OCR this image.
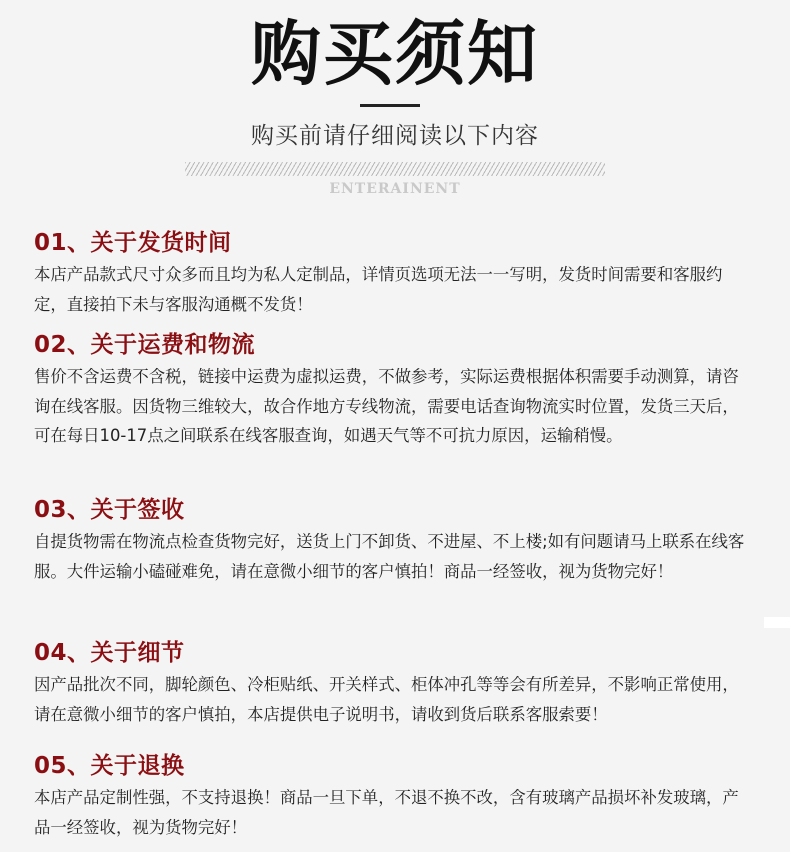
购买须知
购买前请仔细阅读以下内容
ENTERAINENT
01、关于发货时间

本店产品款式尺寸众多而且均为私人定制品，详情页选项无法一一写明，发货时间需要和客服约定，直接拍下未与客服沟通概不发货！

02、关于运费和物流

售价不含运费不含税，链接中运费为虚拟运费，不做参考，实际运费根据体积需要手动测算，请咨询在线客服。因货物三维较大，故合作地方专线物流，需要电话查询物流实时位置，发货三天后，可在每日10-17点之间联系在线客服查询，如遇天气等不可抗力原因，运输稍慢。

03、关于签收

自提货物需在物流点检查货物完好，送货上门不卸货、不进屋、不上楼;如有问题请马上联系在线客服。大件运输小磕碰难免，请在意微小细节的客户慎拍！商品一经签收，视为货物完好！

04、关于细节

因产品批次不同，脚轮颜色、冷柜贴纸、开关样式、柜体冲孔等等会有所差异，不影响正常使用，请在意微小细节的客户慎拍，本店提供电子说明书，请收到货后联系客服索要！

05、关于退换

本店产品定制性强，不支持退换！商品一旦下单，不退不换不改，含有玻璃产品损坏补发玻璃，产品一经签收，视为货物完好！
